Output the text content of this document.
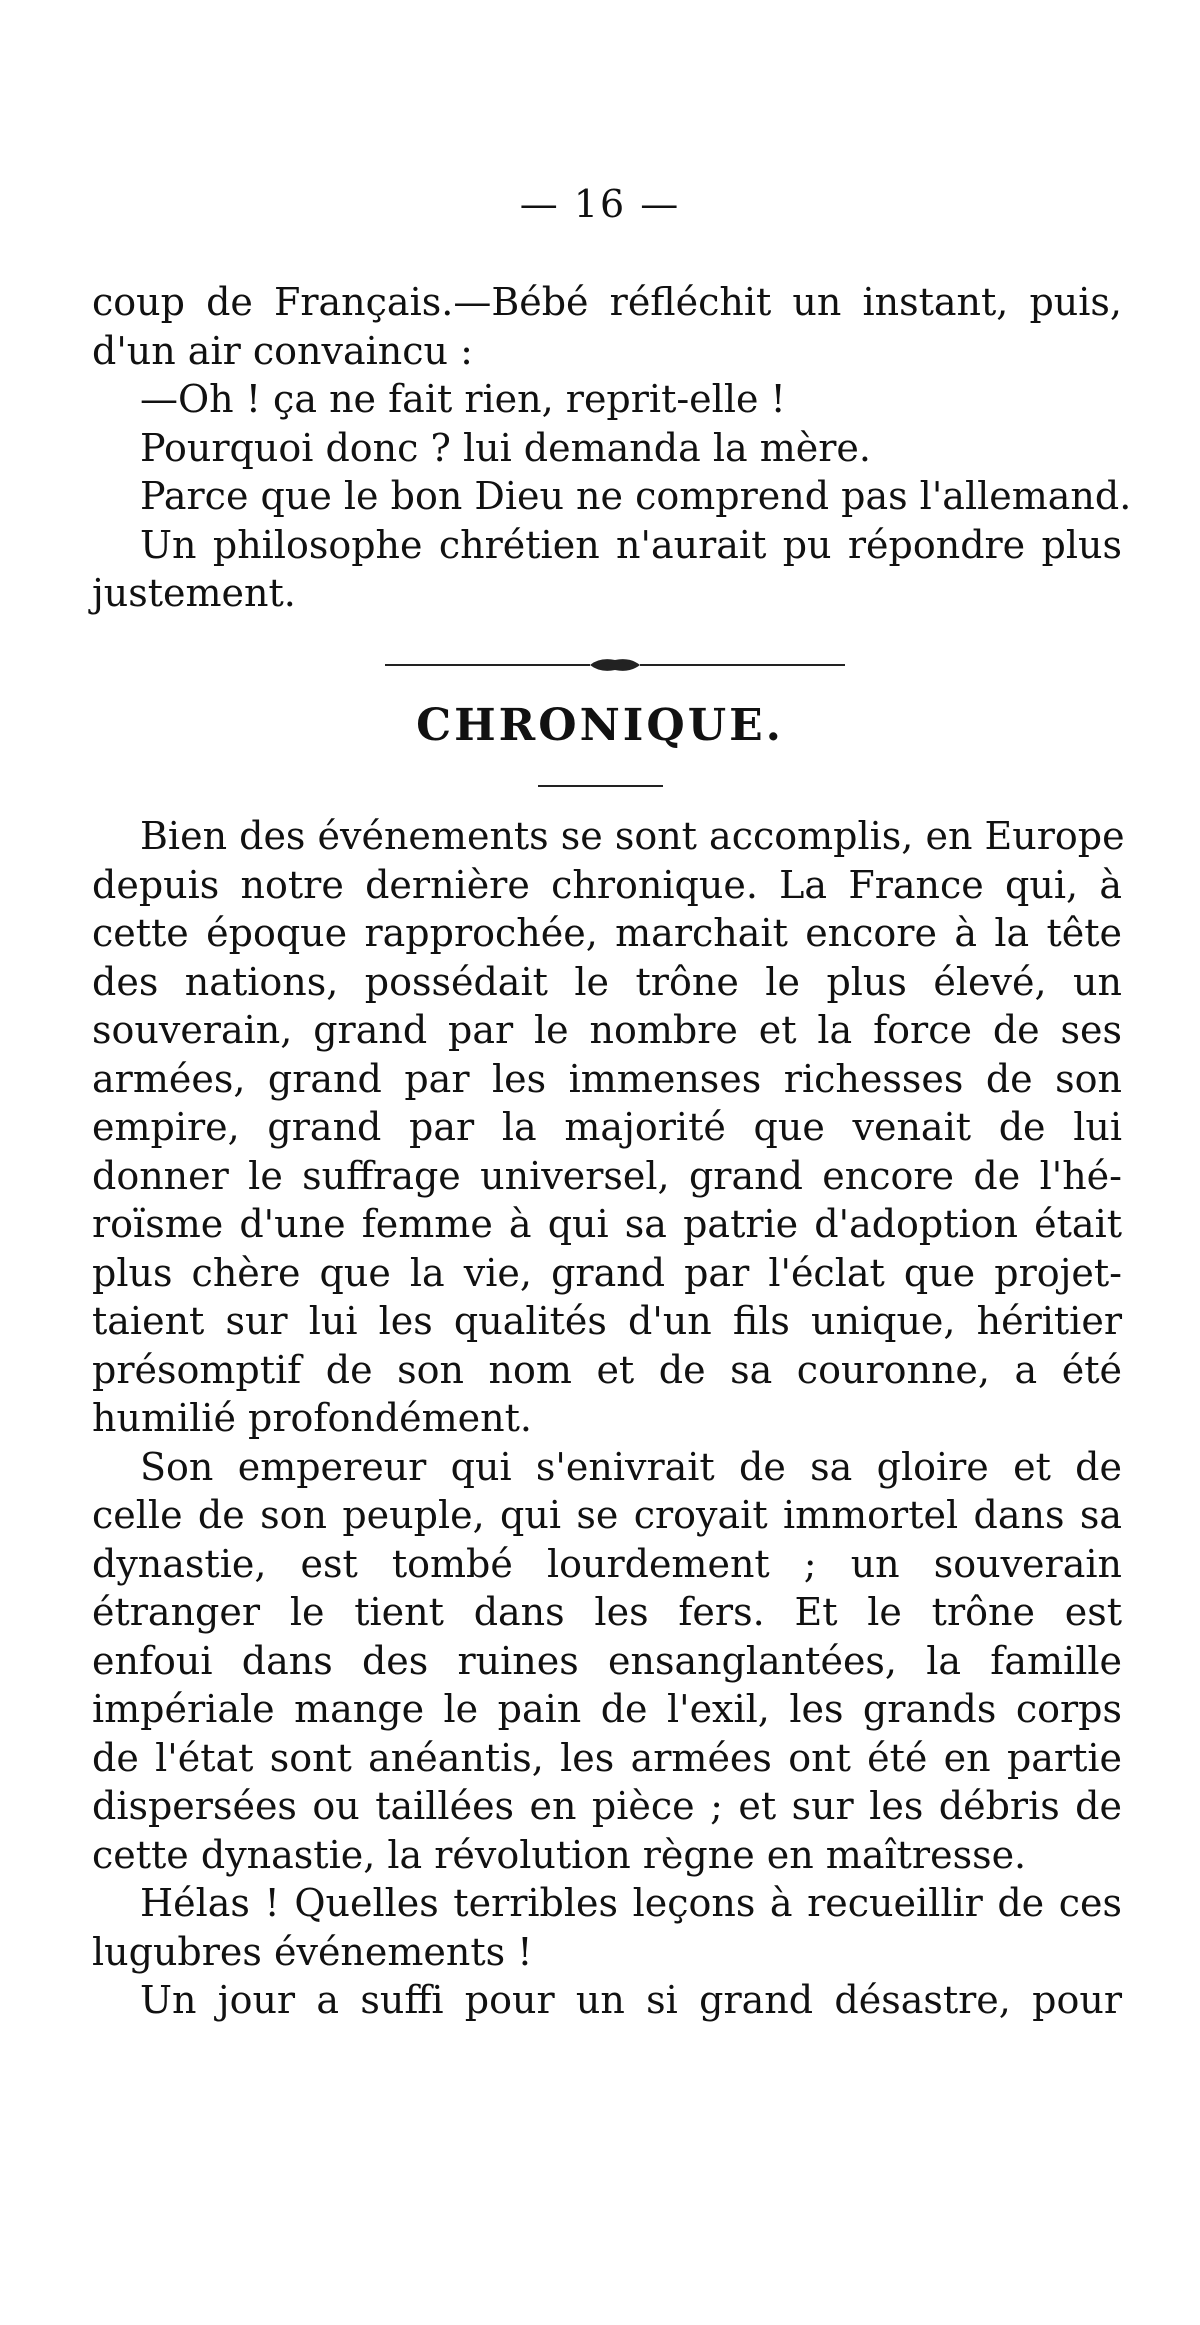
— 16 —
coup de Français.—Bébé réfléchit un instant, puis,
d'un air convaincu :
—Oh ! ça ne fait rien, reprit-elle !
Pourquoi donc ? lui demanda la mère.
Parce que le bon Dieu ne comprend pas l'allemand.
Un philosophe chrétien n'aurait pu répondre plus
justement.
CHRONIQUE.
Bien des événements se sont accomplis, en Europe
depuis notre dernière chronique. La France qui, à
cette époque rapprochée, marchait encore à la tête
des nations, possédait le trône le plus élevé, un
souverain, grand par le nombre et la force de ses
armées, grand par les immenses richesses de son
empire, grand par la majorité que venait de lui
donner le suffrage universel, grand encore de l'hé-
roïsme d'une femme à qui sa patrie d'adoption était
plus chère que la vie, grand par l'éclat que projet-
taient sur lui les qualités d'un fils unique, héritier
présomptif de son nom et de sa couronne, a été
humilié profondément.
Son empereur qui s'enivrait de sa gloire et de
celle de son peuple, qui se croyait immortel dans sa
dynastie, est tombé lourdement ; un souverain
étranger le tient dans les fers. Et le trône est
enfoui dans des ruines ensanglantées, la famille
impériale mange le pain de l'exil, les grands corps
de l'état sont anéantis, les armées ont été en partie
dispersées ou taillées en pièce ; et sur les débris de
cette dynastie, la révolution règne en maîtresse.
Hélas ! Quelles terribles leçons à recueillir de ces
lugubres événements !
Un jour a suffi pour un si grand désastre, pour
